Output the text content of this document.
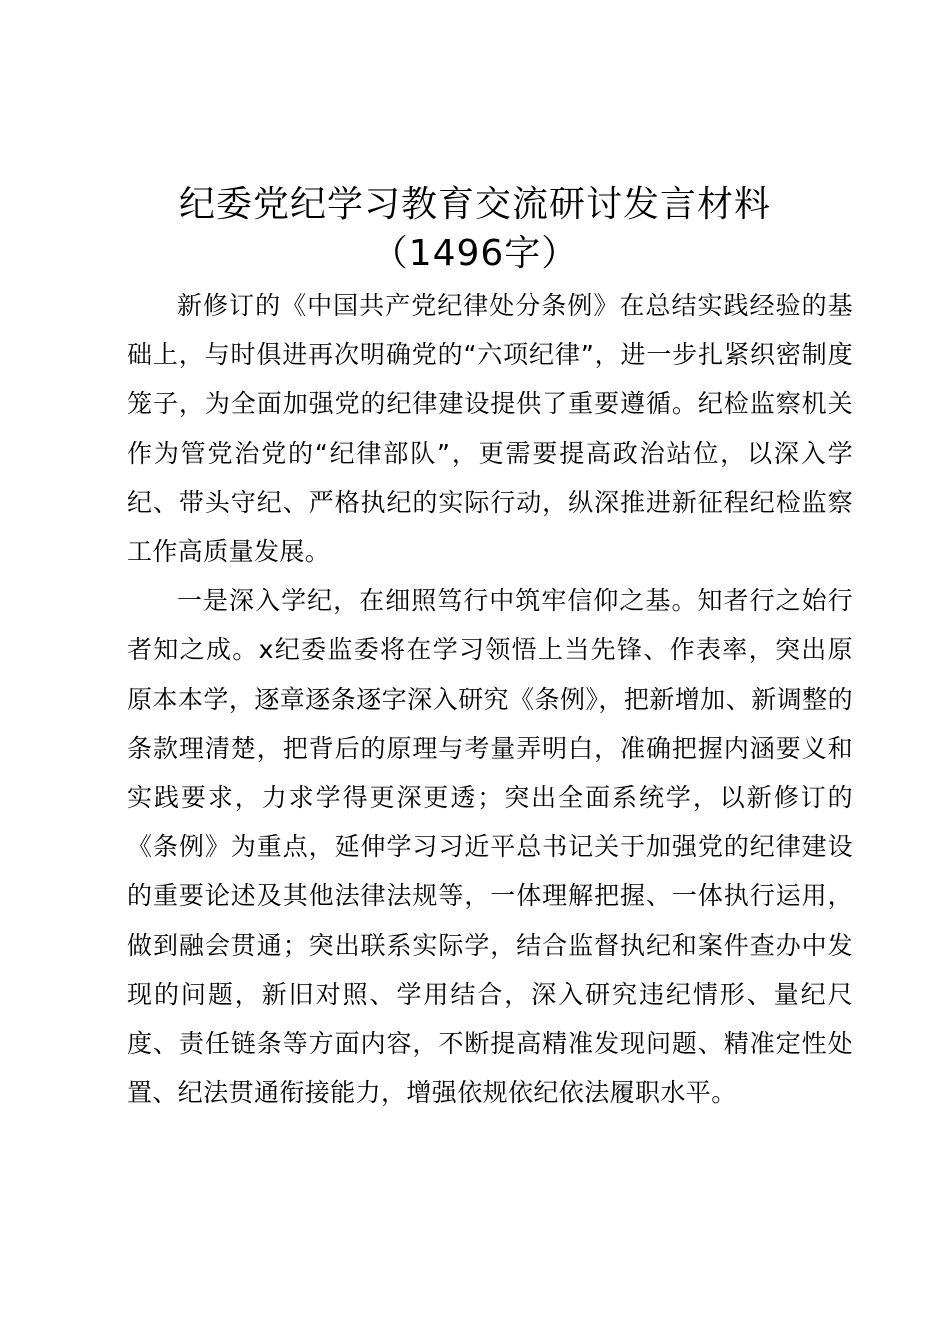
纪委党纪学习教育交流研讨发言材料（1496字）

新修订的《中国共产党纪律处分条例》在总结实践经验的基础上，与时俱进再次明确党的“六项纪律”，进一步扎紧织密制度笼子，为全面加强党的纪律建设提供了重要遵循。纪检监察机关作为管党治党的“纪律部队”，更需要提高政治站位，以深入学纪、带头守纪、严格执纪的实际行动，纵深推进新征程纪检监察工作高质量发展。

一是深入学纪，在细照笃行中筑牢信仰之基。知者行之始行者知之成。x纪委监委将在学习领悟上当先锋、作表率，突出原原本本学，逐章逐条逐字深入研究《条例》，把新增加、新调整的条款理清楚，把背后的原理与考量弄明白，准确把握内涵要义和实践要求，力求学得更深更透；突出全面系统学，以新修订的《条例》为重点，延伸学习习近平总书记关于加强党的纪律建设的重要论述及其他法律法规等，一体理解把握、一体执行运用，做到融会贯通；突出联系实际学，结合监督执纪和案件查办中发现的问题，新旧对照、学用结合，深入研究违纪情形、量纪尺度、责任链条等方面内容，不断提高精准发现问题、精准定性处置、纪法贯通衔接能力，增强依规依纪依法履职水平。
